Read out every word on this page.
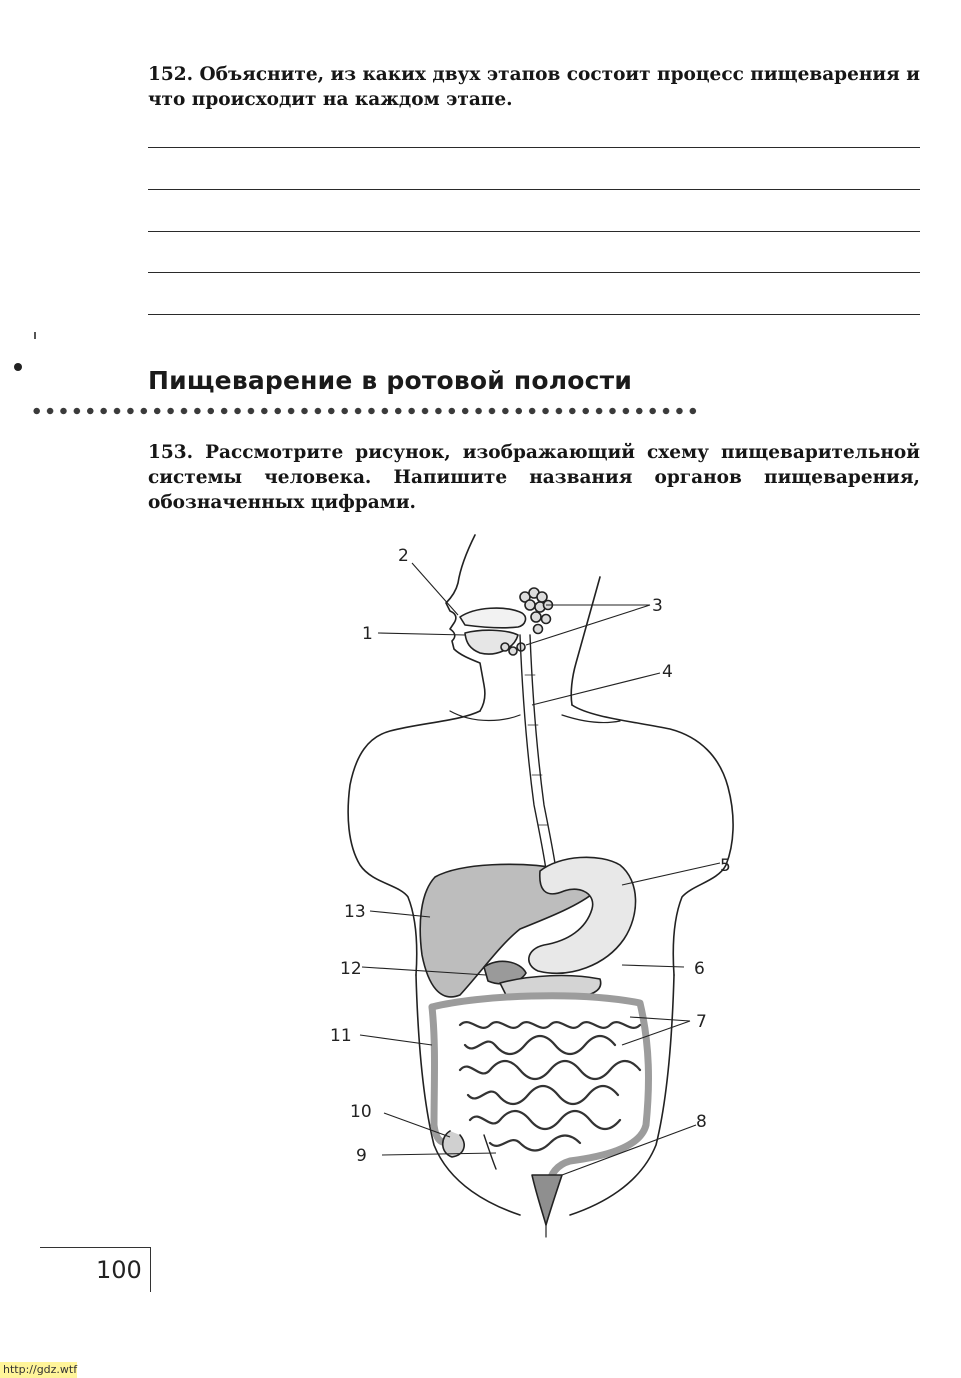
152. Объясните, из каких двух этапов состоит процесс пищеварения и что происходит на каждом этапе.
Пищеварение в ротовой полости
153. Рассмотрите рисунок, изображающий схему пищеварительной системы человека. Напишите названия органов пищеварения, обозначенных цифрами.
1
2
3
4
5
6
7
8
9
10
11
12
13
100
http://gdz.wtf
